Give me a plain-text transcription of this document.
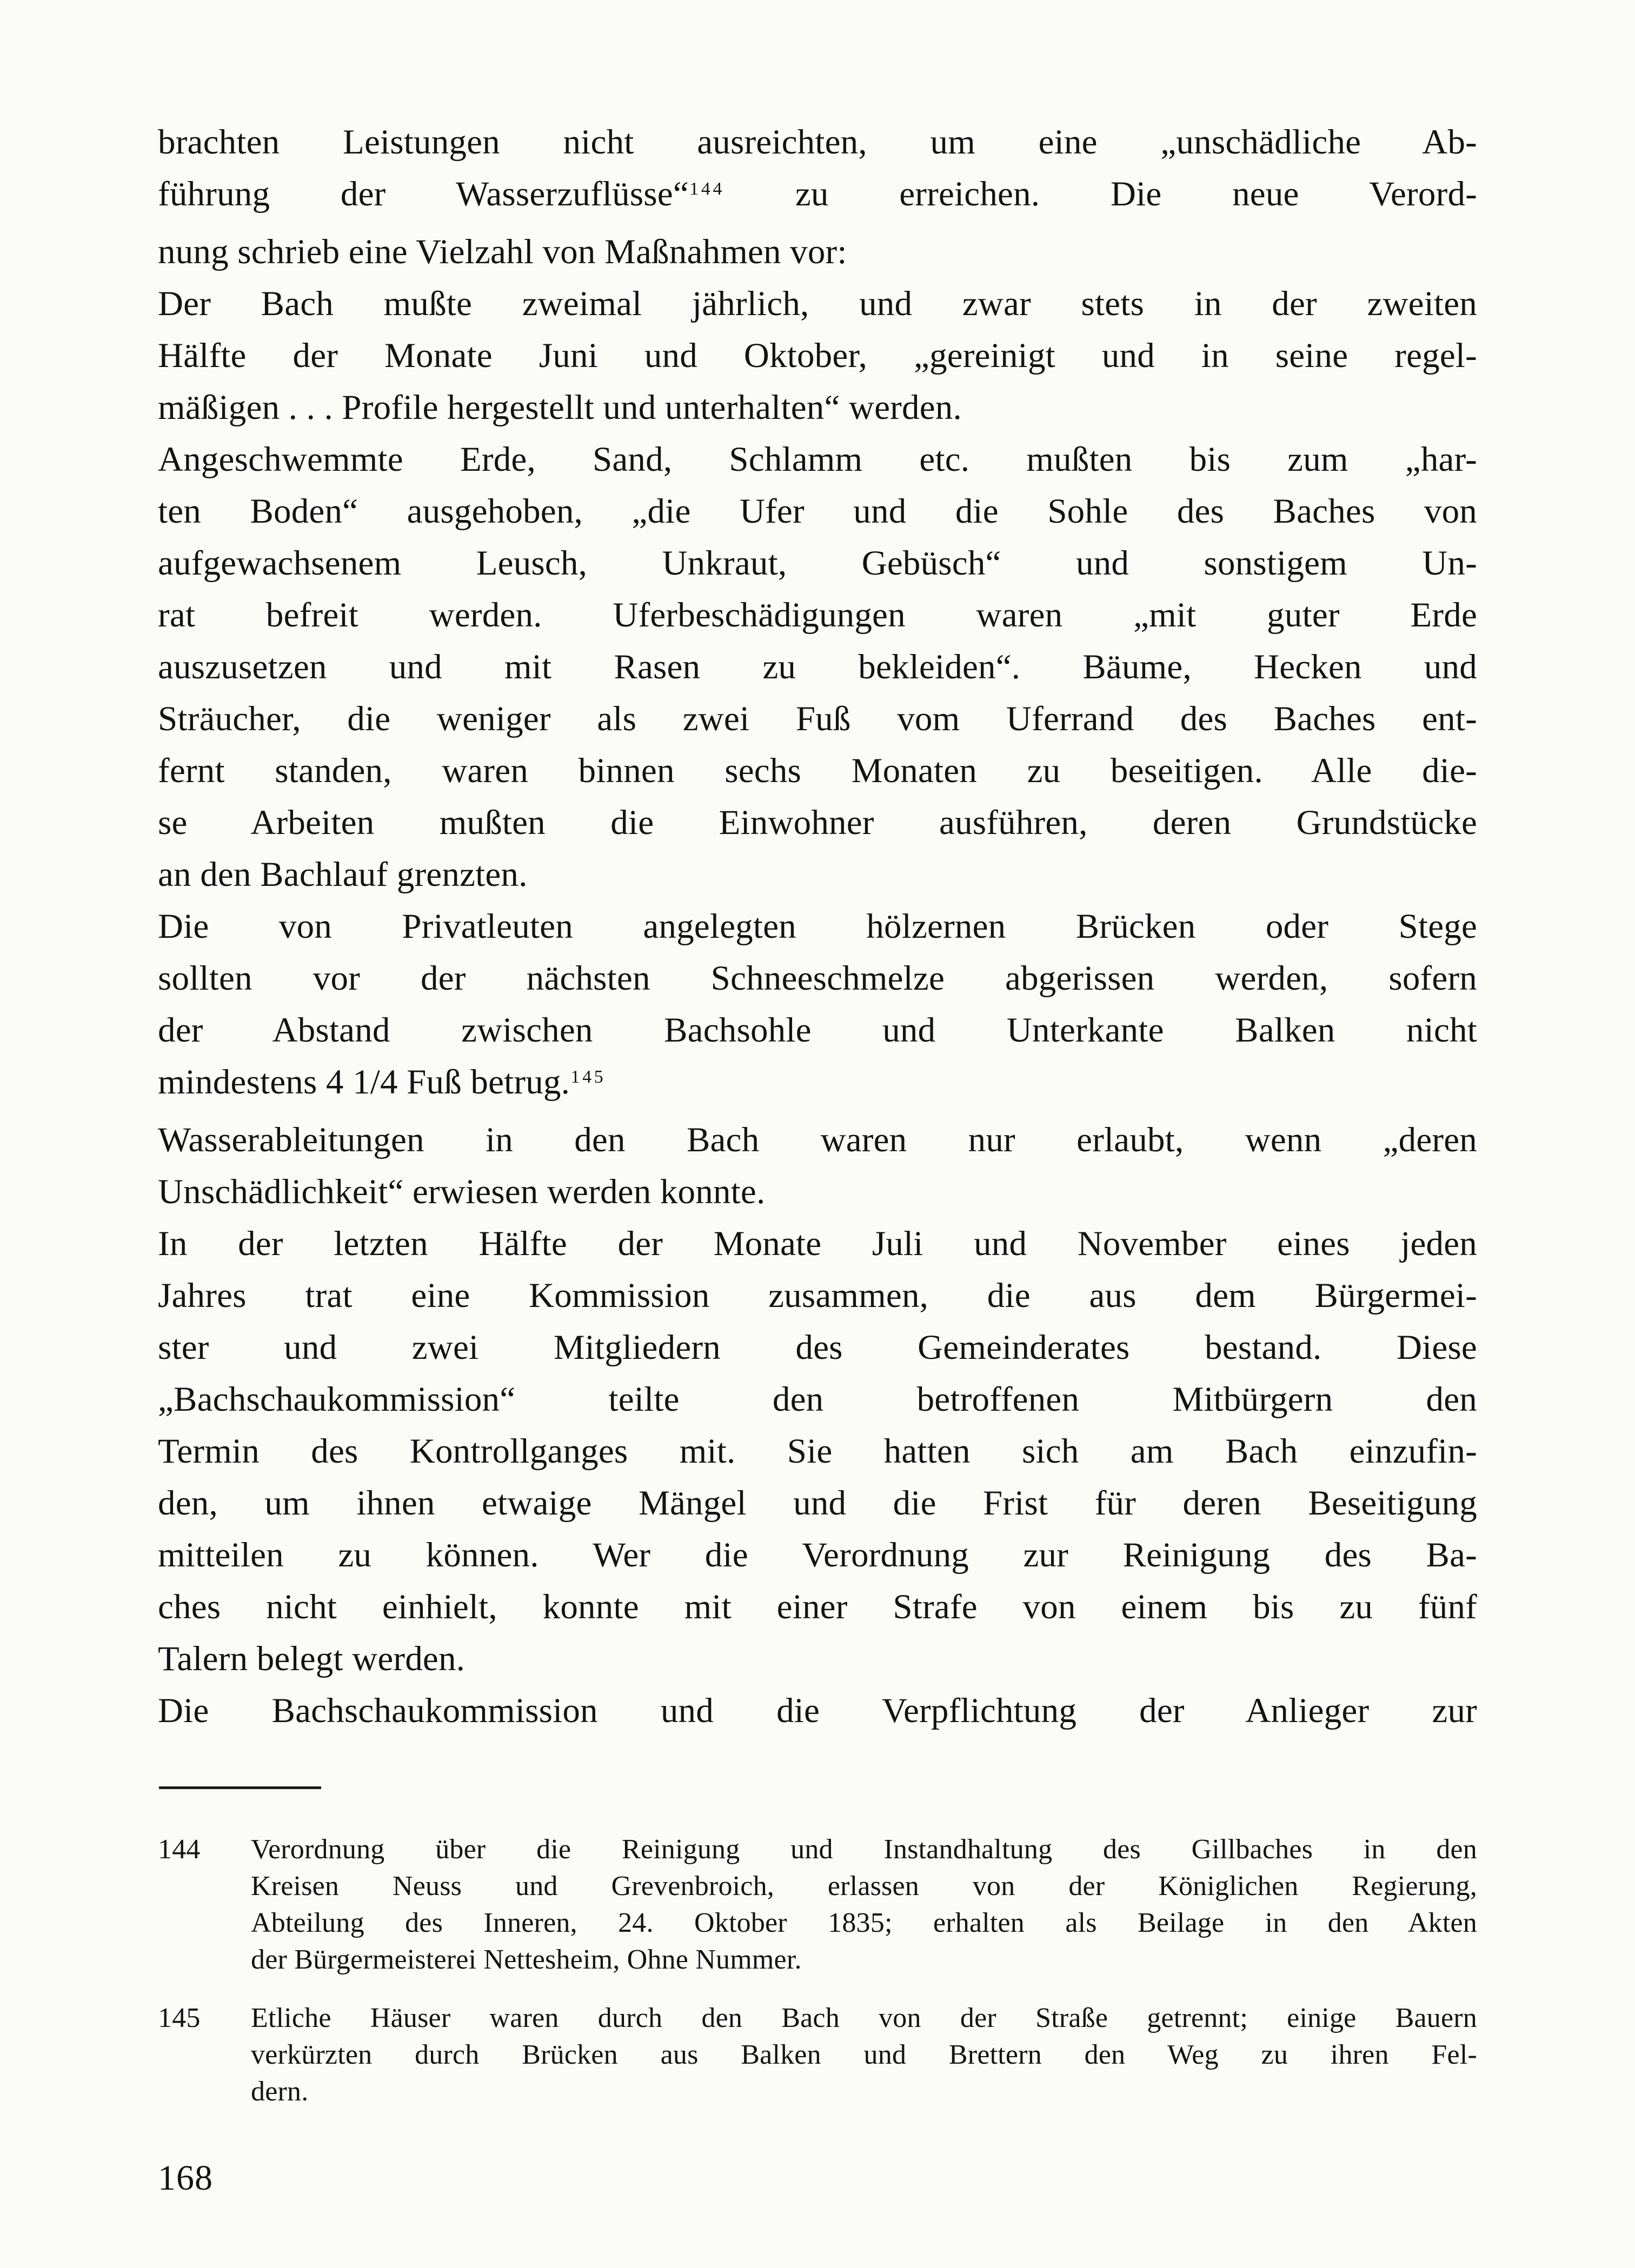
brachten Leistungen nicht ausreichten, um eine „unschädliche Ab-
führung der Wasserzuflüsse“$^{144}$ zu erreichen. Die neue Verord-
nung schrieb eine Vielzahl von Maßnahmen vor:
Der Bach mußte zweimal jährlich, und zwar stets in der zweiten
Hälfte der Monate Juni und Oktober, „gereinigt und in seine regel-
mäßigen . . . Profile hergestellt und unterhalten“ werden.
Angeschwemmte Erde, Sand, Schlamm etc. mußten bis zum „har-
ten Boden“ ausgehoben, „die Ufer und die Sohle des Baches von
aufgewachsenem Leusch, Unkraut, Gebüsch“ und sonstigem Un-
rat befreit werden. Uferbeschädigungen waren „mit guter Erde
auszusetzen und mit Rasen zu bekleiden“. Bäume, Hecken und
Sträucher, die weniger als zwei Fuß vom Uferrand des Baches ent-
fernt standen, waren binnen sechs Monaten zu beseitigen. Alle die-
se Arbeiten mußten die Einwohner ausführen, deren Grundstücke
an den Bachlauf grenzten.
Die von Privatleuten angelegten hölzernen Brücken oder Stege
sollten vor der nächsten Schneeschmelze abgerissen werden, sofern
der Abstand zwischen Bachsohle und Unterkante Balken nicht
mindestens 4 1/4 Fuß betrug.$^{145}$
Wasserableitungen in den Bach waren nur erlaubt, wenn „deren
Unschädlichkeit“ erwiesen werden konnte.
In der letzten Hälfte der Monate Juli und November eines jeden
Jahres trat eine Kommission zusammen, die aus dem Bürgermei-
ster und zwei Mitgliedern des Gemeinderates bestand. Diese
„Bachschaukommission“ teilte den betroffenen Mitbürgern den
Termin des Kontrollganges mit. Sie hatten sich am Bach einzufin-
den, um ihnen etwaige Mängel und die Frist für deren Beseitigung
mitteilen zu können. Wer die Verordnung zur Reinigung des Ba-
ches nicht einhielt, konnte mit einer Strafe von einem bis zu fünf
Talern belegt werden.
Die Bachschaukommission und die Verpflichtung der Anlieger zur
144 Verordnung über die Reinigung und Instandhaltung des Gillbaches in den
Kreisen Neuss und Grevenbroich, erlassen von der Königlichen Regierung,
Abteilung des Inneren, 24. Oktober 1835; erhalten als Beilage in den Akten
der Bürgermeisterei Nettesheim, Ohne Nummer.
145 Etliche Häuser waren durch den Bach von der Straße getrennt; einige Bauern
verkürzten durch Brücken aus Balken und Brettern den Weg zu ihren Fel-
dern.
168
